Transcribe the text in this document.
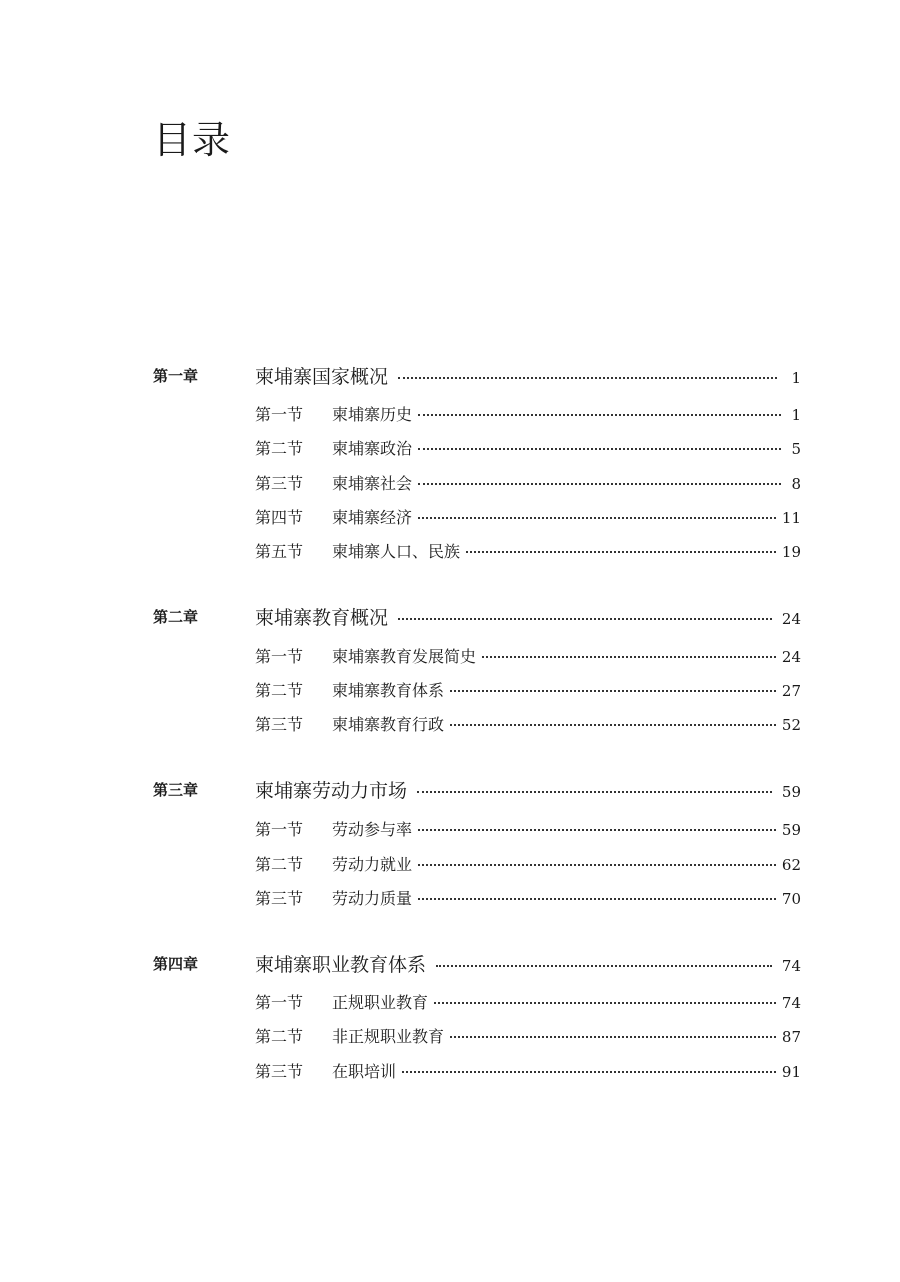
目录
第一章	柬埔寨国家概况	1
第一节	柬埔寨历史	1
第二节	柬埔寨政治	5
第三节	柬埔寨社会	8
第四节	柬埔寨经济	11
第五节	柬埔寨人口、民族	19
第二章	柬埔寨教育概况	24
第一节	柬埔寨教育发展简史	24
第二节	柬埔寨教育体系	27
第三节	柬埔寨教育行政	52
第三章	柬埔寨劳动力市场	59
第一节	劳动参与率	59
第二节	劳动力就业	62
第三节	劳动力质量	70
第四章	柬埔寨职业教育体系	74
第一节	正规职业教育	74
第二节	非正规职业教育	87
第三节	在职培训	91
